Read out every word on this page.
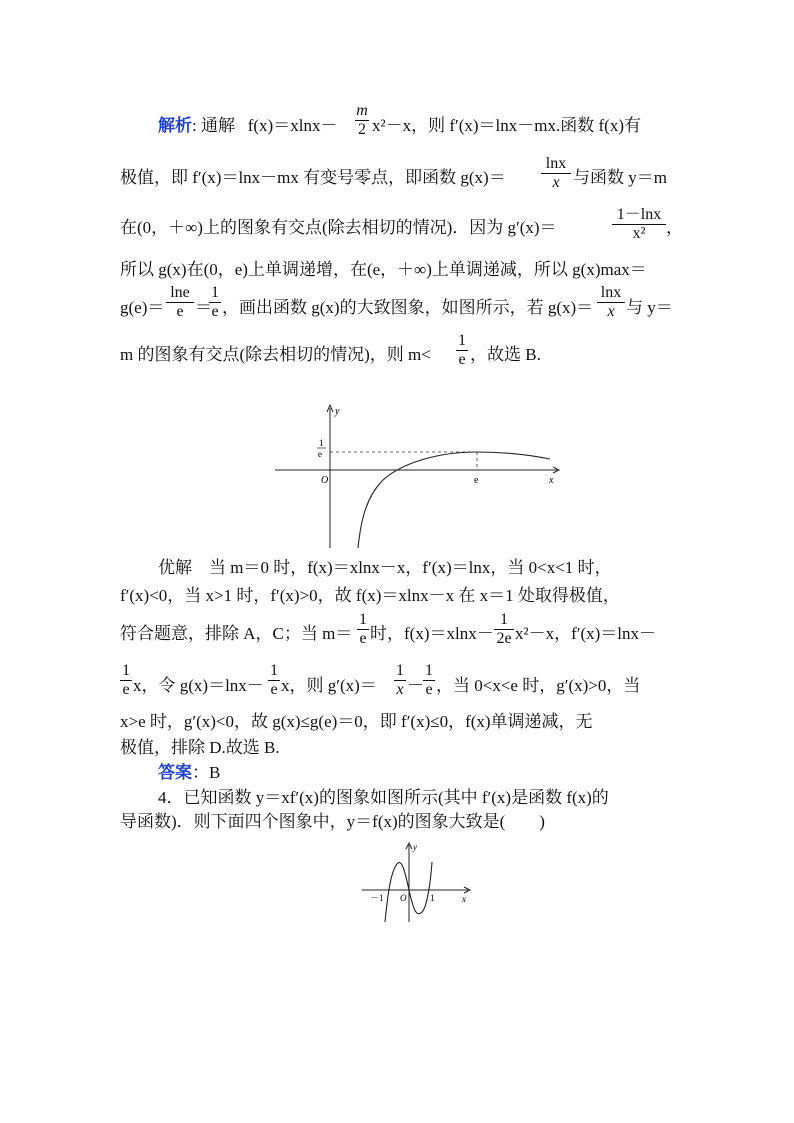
解析: 通解 $f(x)=xlnx- \frac{m}{2} x^2-x$，则 f′(x)＝lnx－mx.函数 f(x)有
极值，即 f′(x)＝lnx－mx 有变号零点，即函数 $g(x)= \frac{\ln x}{x}$ 与函数 y＝m
在(0，＋∞)上的图象有交点(除去相切的情况)．因为 g′(x)＝	$\frac{1-\ln x}{\text{x²}}$ ，
所以 g(x)在(0，e)上单调递增，在(e，＋∞)上单调递减，所以 g(x)max＝
$g(e)= \frac{\ln e}{e}$ ＝
$\frac{1}{e}$ ，画出函数 g(x)的大致图象，如图所示，若 $g(x)= \frac{\ln x}{x}$ 与 y＝
m 的图象有交点(除去相切的情况)，则 $m< \frac{1}{e}$ ，故选 B.
y
x
O
1
e
e
优解　当 m＝0 时，f(x)＝xlnx－x，f′(x)＝lnx，当 0<x<1 时，
f′(x)<0，当 x>1 时，f′(x)>0，故 f(x)＝xlnx－x 在 x＝1 处取得极值，
符合题意，排除 A，C；当 $m= \frac{1}{e}$ 时，$f(x)=xlnx- \frac{1}{2e} x^2-x$，f′(x)＝lnx－
$\frac{1}{e}$ x，令 $g(x)=\ln x- \frac{1}{e}$ x，则 $g'(x)= \frac{1}{x} - \frac{1}{e}$ ，当 0<x<e 时，g′(x)>0，当
x>e 时，g′(x)<0，故 g(x)≤g(e)＝0，即 f′(x)≤0，f(x)单调递减，无
极值，排除 D.故选 B.
答案：B
4．已知函数 y＝xf′(x)的图象如图所示(其中 f′(x)是函数 f(x)的
导函数)．则下面四个图象中，y＝f(x)的图象大致是(　　)
y
x
O
－1	1
